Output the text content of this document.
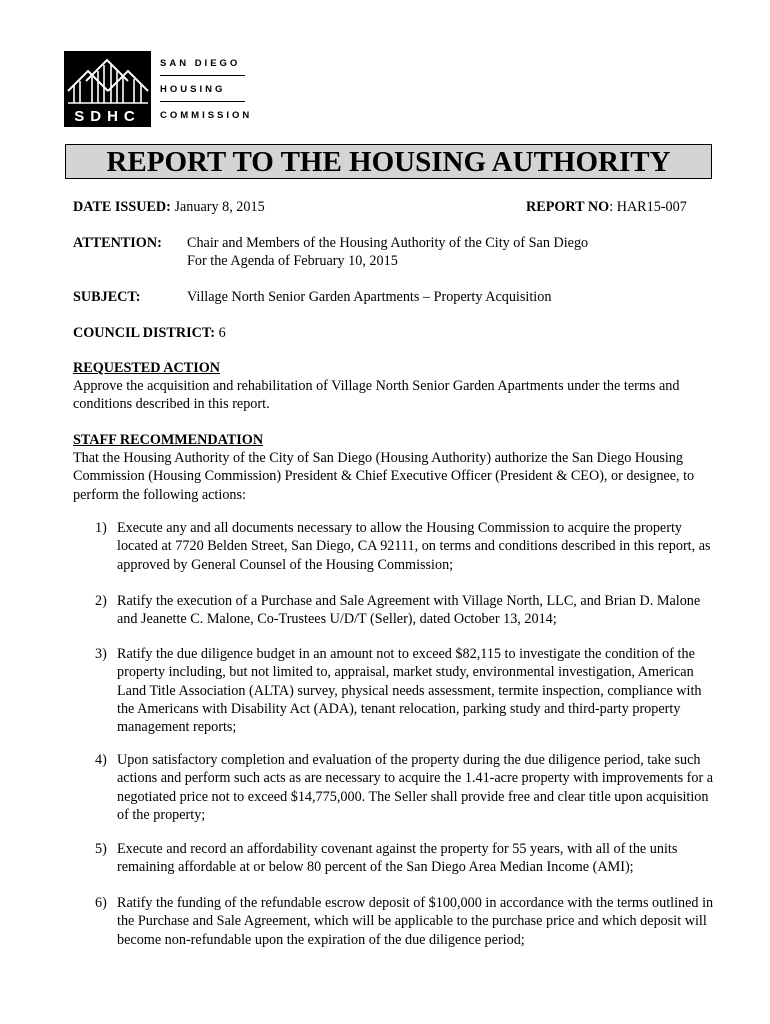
SDHC
SAN DIEGO
HOUSING
COMMISSION
REPORT TO THE HOUSING AUTHORITY
DATE ISSUED: January 8, 2015	REPORT NO: HAR15-007
ATTENTION: Chair and Members of the Housing Authority of the City of San Diego
For the Agenda of February 10, 2015
SUBJECT:	Village North Senior Garden Apartments – Property Acquisition
COUNCIL DISTRICT: 6
REQUESTED ACTION
Approve the acquisition and rehabilitation of Village North Senior Garden Apartments under the terms and conditions described in this report.
STAFF RECOMMENDATION
That the Housing Authority of the City of San Diego (Housing Authority) authorize the San Diego Housing Commission (Housing Commission) President & Chief Executive Officer (President & CEO), or designee, to perform the following actions:
1) Execute any and all documents necessary to allow the Housing Commission to acquire the property located at 7720 Belden Street, San Diego, CA 92111, on terms and conditions described in this report, as approved by General Counsel of the Housing Commission;
2) Ratify the execution of a Purchase and Sale Agreement with Village North, LLC, and Brian D. Malone and Jeanette C. Malone, Co-Trustees U/D/T (Seller), dated October 13, 2014;
3) Ratify the due diligence budget in an amount not to exceed $82,115 to investigate the condition of the property including, but not limited to, appraisal, market study, environmental investigation, American Land Title Association (ALTA) survey, physical needs assessment, termite inspection, compliance with the Americans with Disability Act (ADA), tenant relocation, parking study and third-party property management reports;
4) Upon satisfactory completion and evaluation of the property during the due diligence period, take such actions and perform such acts as are necessary to acquire the 1.41-acre property with improvements for a negotiated price not to exceed $14,775,000. The Seller shall provide free and clear title upon acquisition of the property;
5) Execute and record an affordability covenant against the property for 55 years, with all of the units remaining affordable at or below 80 percent of the San Diego Area Median Income (AMI);
6) Ratify the funding of the refundable escrow deposit of $100,000 in accordance with the terms outlined in the Purchase and Sale Agreement, which will be applicable to the purchase price and which deposit will become non-refundable upon the expiration of the due diligence period;
